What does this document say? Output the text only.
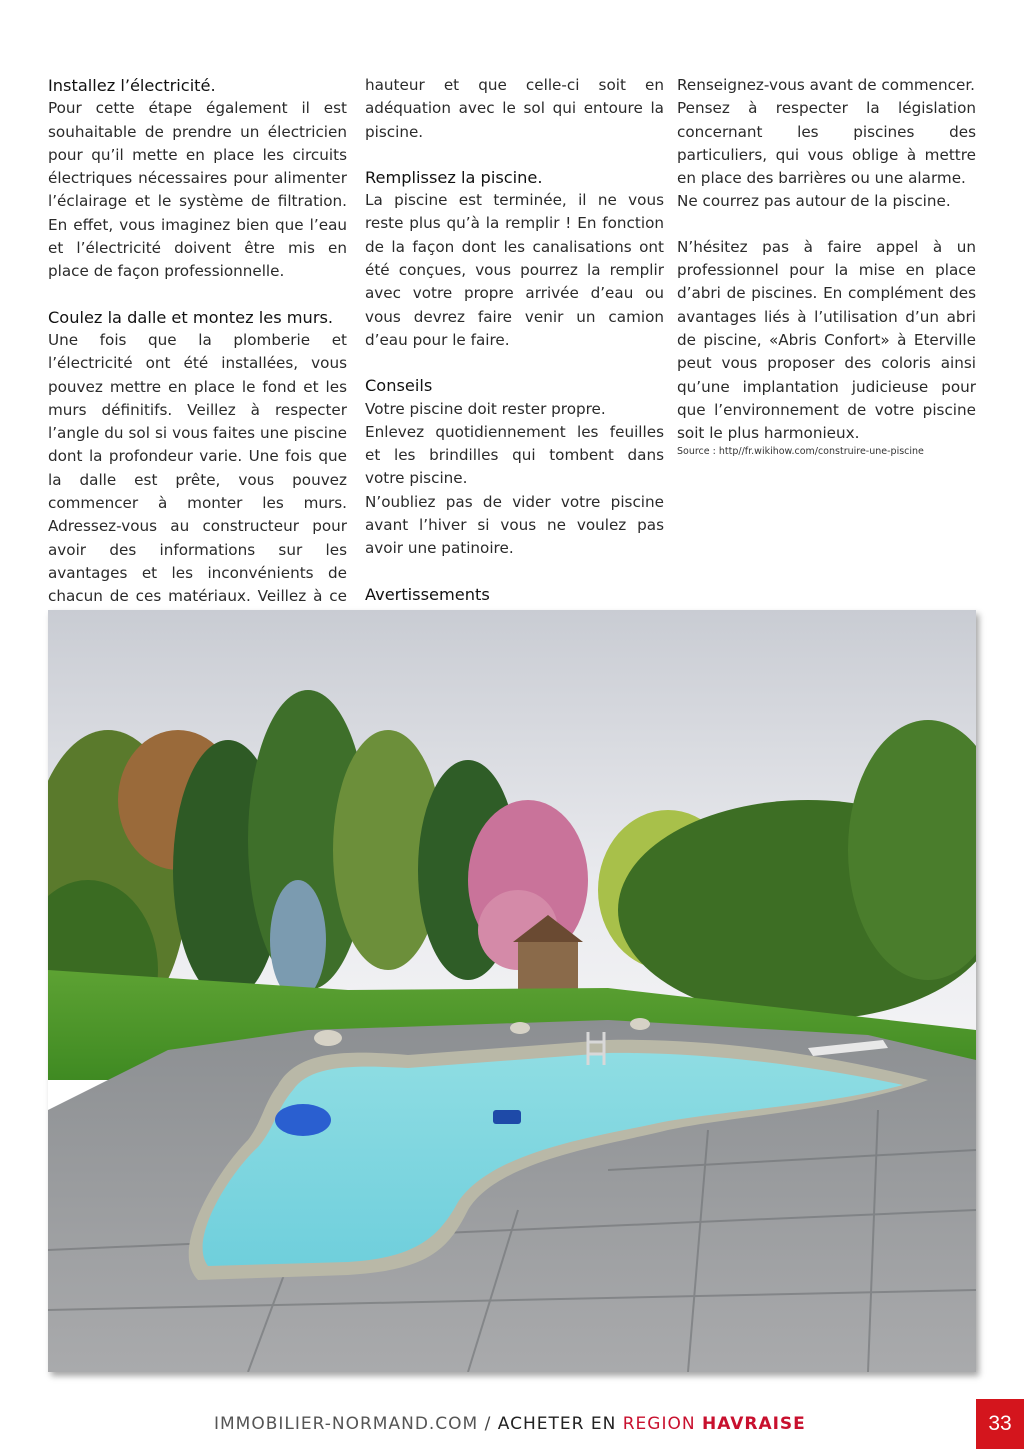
Installez l’électricité.

Pour cette étape également il est souhaitable de prendre un électricien pour qu’il mette en place les circuits électriques nécessaires pour alimenter l’éclairage et le système de filtration. En effet, vous imaginez bien que l’eau et l’électricité doivent être mis en place de façon professionnelle.

Coulez la dalle et montez les murs.

Une fois que la plomberie et l’électricité ont été installées, vous pouvez mettre en place le fond et les murs définitifs. Veillez à respecter l’angle du sol si vous faites une piscine dont la profondeur varie. Une fois que la dalle est prête, vous pouvez commencer à monter les murs. Adressez-vous au constructeur pour avoir des informations sur les avantages et les inconvénients de chacun de ces matériaux. Veillez à ce

hauteur et que celle-ci soit en adéquation avec le sol qui entoure la piscine.

Remplissez la piscine.

La piscine est terminée, il ne vous reste plus qu’à la remplir ! En fonction de la façon dont les canalisations ont été conçues, vous pourrez la remplir avec votre propre arrivée d’eau ou vous devrez faire venir un camion d’eau pour le faire.

Conseils

Votre piscine doit rester propre.

Enlevez quotidiennement les feuilles et les brindilles qui tombent dans votre piscine.

N’oubliez pas de vider votre piscine avant l’hiver si vous ne voulez pas avoir une patinoire.

Avertissements

Renseignez-vous avant de commencer.

Pensez à respecter la législation concernant les piscines des particuliers, qui vous oblige à mettre en place des barrières ou une alarme.

Ne courrez pas autour de la piscine.

N’hésitez pas à faire appel à un professionnel pour la mise en place d’abri de piscines. En complément des avantages liés à l’utilisation d’un abri de piscine, «Abris Confort» à Eterville peut vous proposer des coloris ainsi qu’une implantation judicieuse pour que l’environnement de votre piscine soit le plus harmonieux.

Source : http//fr.wikihow.com/construire-une-piscine

IMMOBILIER-NORMAND.COM / ACHETER EN REGION HAVRAISE	33
